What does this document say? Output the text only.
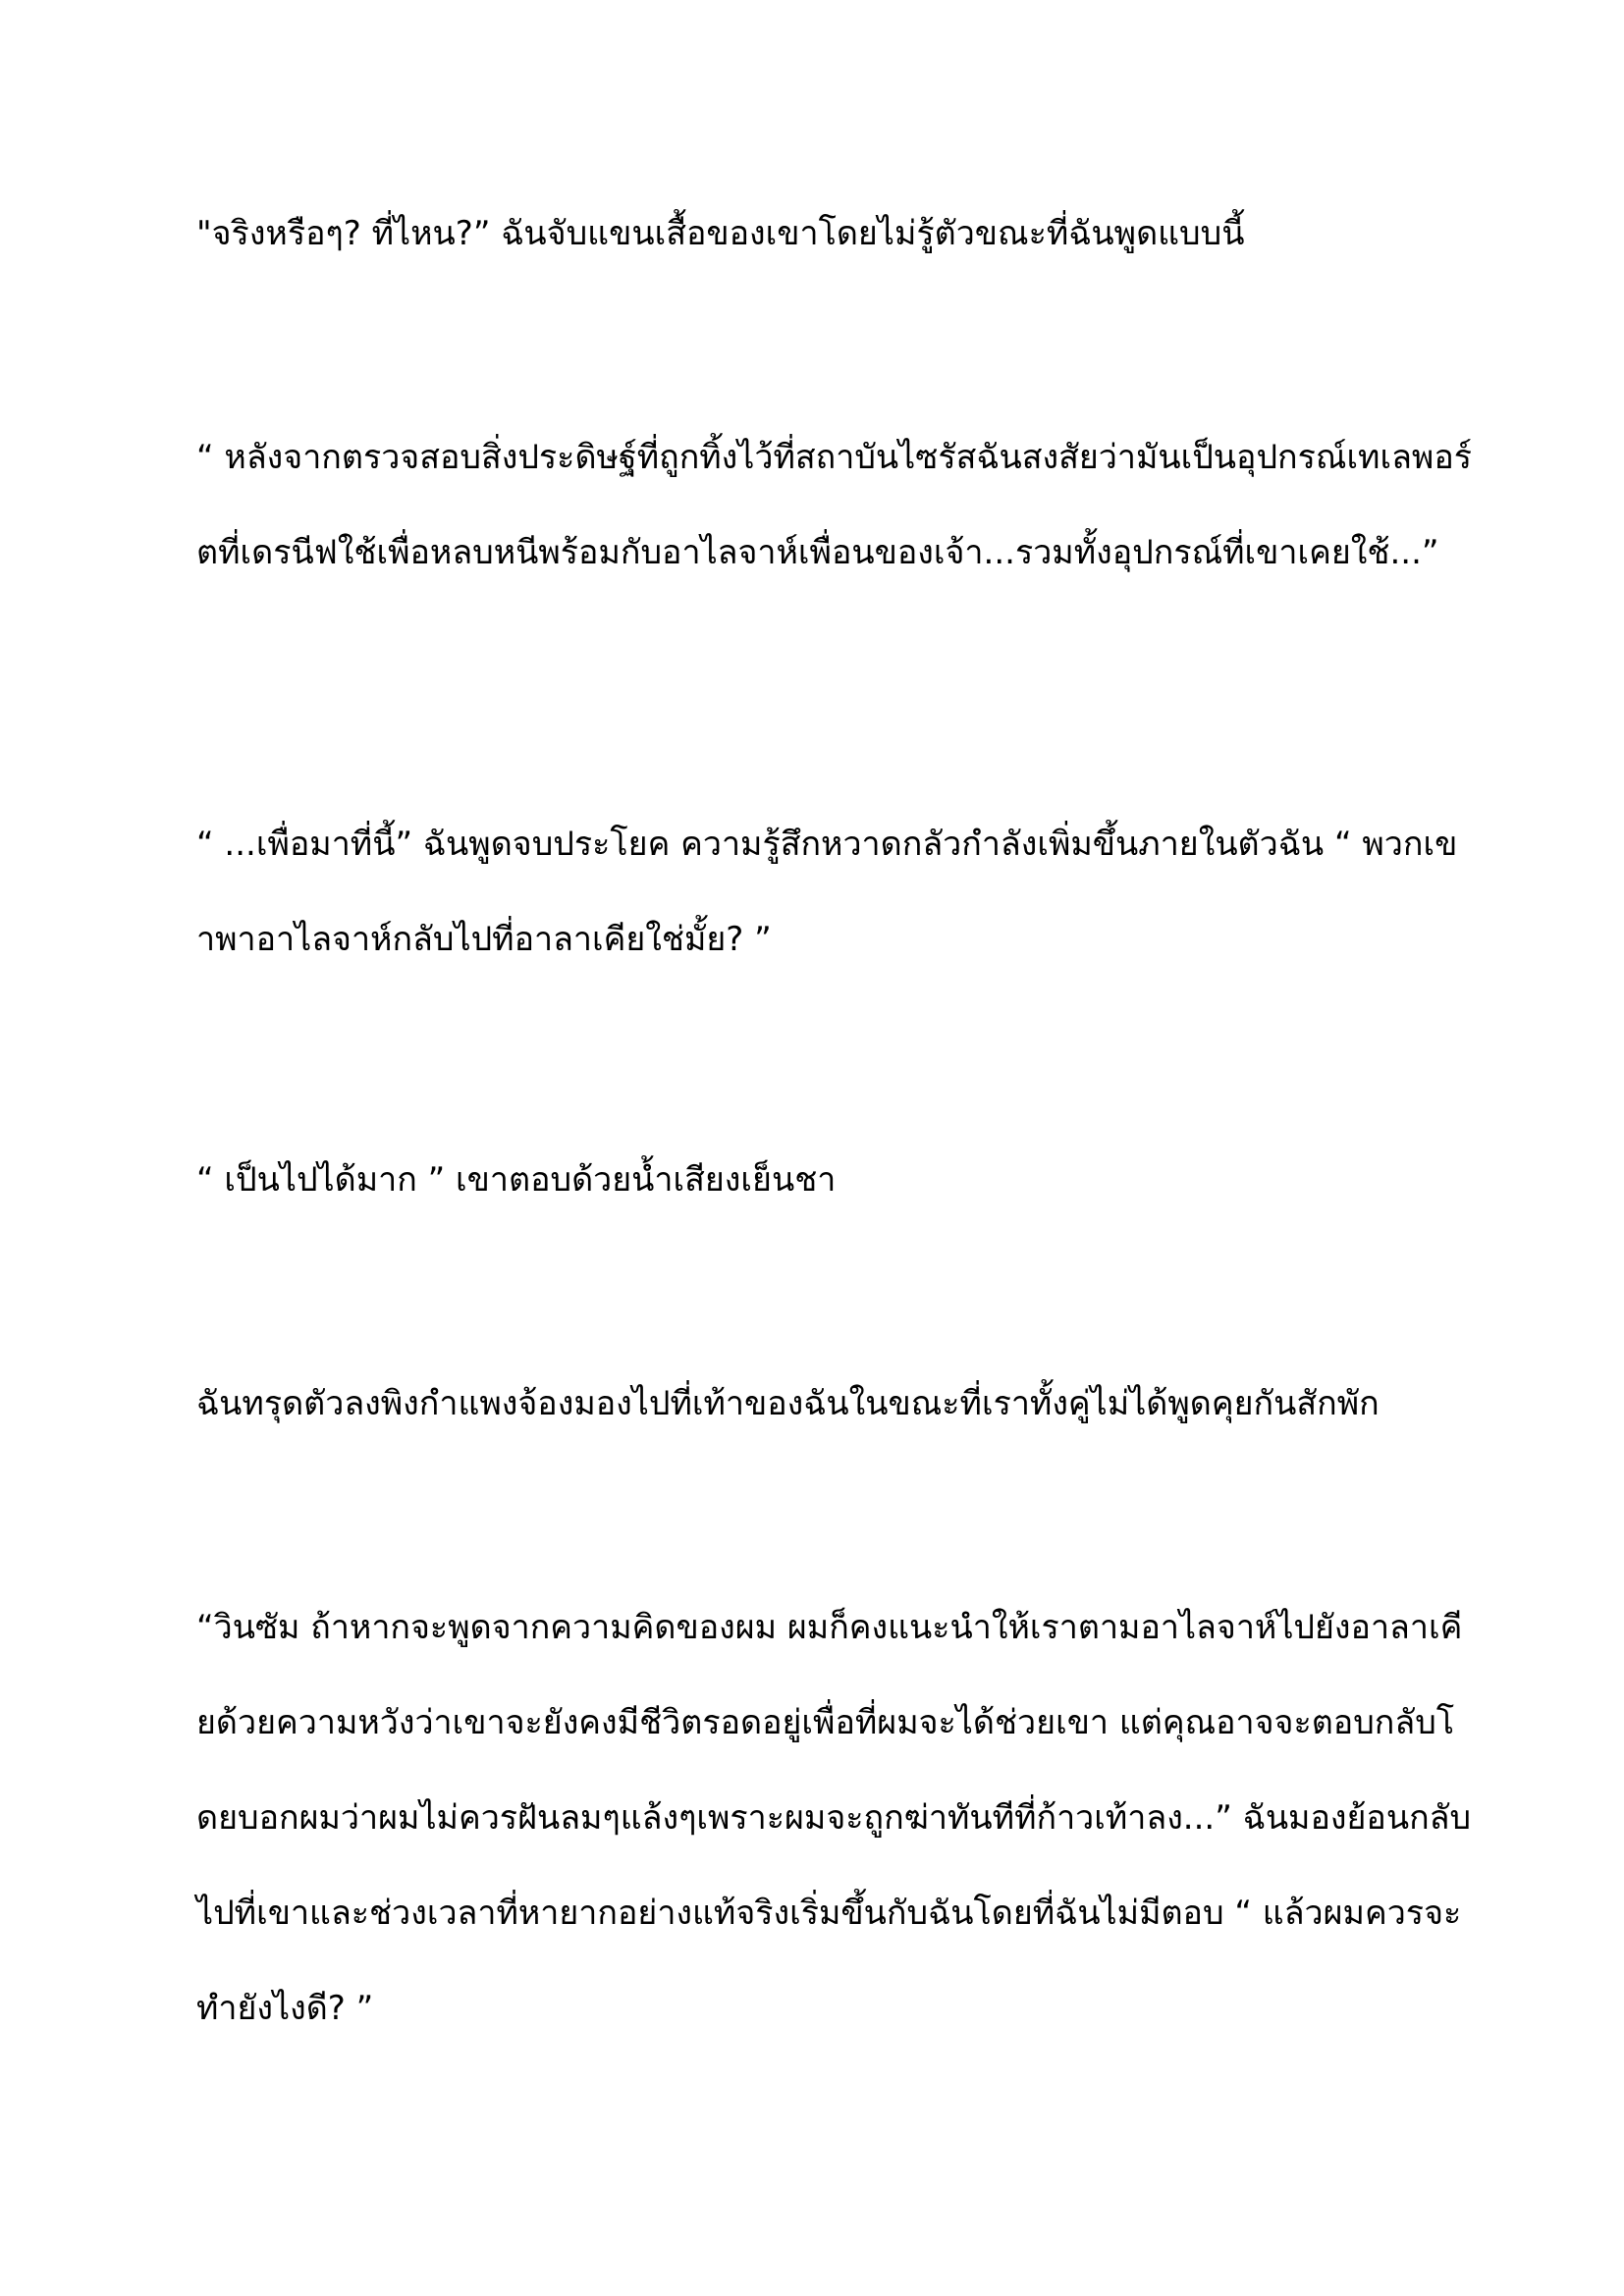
"จริงหรือๆ? ที่ไหน?” ฉันจับแขนเสื้อของเขาโดยไม่รู้ตัวขณะที่ฉันพูดแบบนี้

“ หลังจากตรวจสอบสิ่งประดิษฐ์ที่ถูกทิ้งไว้ที่สถาบันไซรัสฉันสงสัยว่ามันเป็นอุปกรณ์เทเลพอร์ตที่เดรนีฟใช้เพื่อหลบหนีพร้อมกับอาไลจาห์เพื่อนของเจ้า...รวมทั้งอุปกรณ์ที่เขาเคยใช้...”

“ ...เพื่อมาที่นี้” ฉันพูดจบประโยค ความรู้สึกหวาดกลัวกำลังเพิ่มขึ้นภายในตัวฉัน “ พวกเขาพาอาไลจาห์กลับไปที่อาลาเคียใช่มั้ย? ”

“ เป็นไปได้มาก ” เขาตอบด้วยน้ำเสียงเย็นชา

ฉันทรุดตัวลงพิงกำแพงจ้องมองไปที่เท้าของฉันในขณะที่เราทั้งคู่ไม่ได้พูดคุยกันสักพัก

“วินซัม ถ้าหากจะพูดจากความคิดของผม ผมก็คงแนะนำให้เราตามอาไลจาห์ไปยังอาลาเคียด้วยความหวังว่าเขาจะยังคงมีชีวิตรอดอยู่เพื่อที่ผมจะได้ช่วยเขา แต่คุณอาจจะตอบกลับโดยบอกผมว่าผมไม่ควรฝันลมๆแล้งๆเพราะผมจะถูกฆ่าทันทีที่ก้าวเท้าลง...” ฉันมองย้อนกลับไปที่เขาและช่วงเวลาที่หายากอย่างแท้จริงเริ่มขึ้นกับฉันโดยที่ฉันไม่มีตอบ “ แล้วผมควรจะทำยังไงดี? ”
